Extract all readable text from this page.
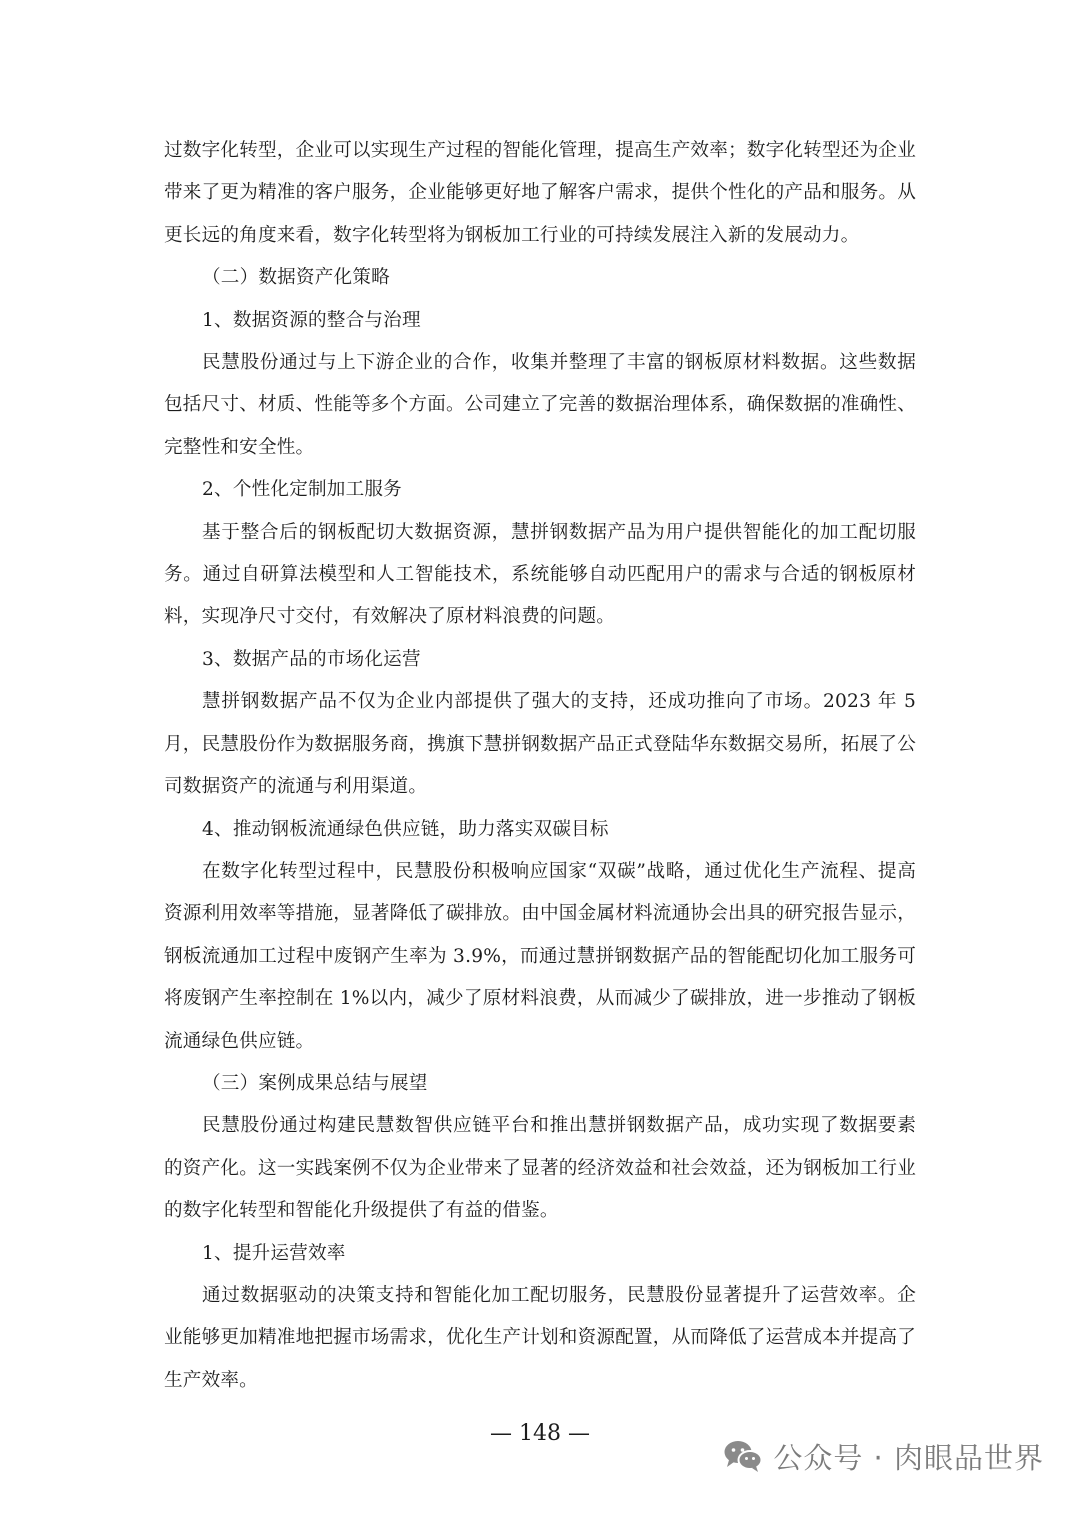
过数字化转型，企业可以实现生产过程的智能化管理，提高生产效率；数字化转型还为企业带来了更为精准的客户服务，企业能够更好地了解客户需求，提供个性化的产品和服务。从更长远的角度来看，数字化转型将为钢板加工行业的可持续发展注入新的发展动力。

（二）数据资产化策略

1、数据资源的整合与治理

民慧股份通过与上下游企业的合作，收集并整理了丰富的钢板原材料数据。这些数据包括尺寸、材质、性能等多个方面。公司建立了完善的数据治理体系，确保数据的准确性、完整性和安全性。

2、个性化定制加工服务

基于整合后的钢板配切大数据资源，慧拼钢数据产品为用户提供智能化的加工配切服务。通过自研算法模型和人工智能技术，系统能够自动匹配用户的需求与合适的钢板原材料，实现净尺寸交付，有效解决了原材料浪费的问题。

3、数据产品的市场化运营

慧拼钢数据产品不仅为企业内部提供了强大的支持，还成功推向了市场。2023 年 5 月，民慧股份作为数据服务商，携旗下慧拼钢数据产品正式登陆华东数据交易所，拓展了公司数据资产的流通与利用渠道。

4、推动钢板流通绿色供应链，助力落实双碳目标

在数字化转型过程中，民慧股份积极响应国家“双碳”战略，通过优化生产流程、提高资源利用效率等措施，显著降低了碳排放。由中国金属材料流通协会出具的研究报告显示，钢板流通加工过程中废钢产生率为 3.9%，而通过慧拼钢数据产品的智能配切化加工服务可将废钢产生率控制在 1%以内，减少了原材料浪费，从而减少了碳排放，进一步推动了钢板流通绿色供应链。

（三）案例成果总结与展望

民慧股份通过构建民慧数智供应链平台和推出慧拼钢数据产品，成功实现了数据要素的资产化。这一实践案例不仅为企业带来了显著的经济效益和社会效益，还为钢板加工行业的数字化转型和智能化升级提供了有益的借鉴。

1、提升运营效率

通过数据驱动的决策支持和智能化加工配切服务，民慧股份显著提升了运营效率。企业能够更加精准地把握市场需求，优化生产计划和资源配置，从而降低了运营成本并提高了生产效率。

— 148 —
公众号 · 肉眼品世界
